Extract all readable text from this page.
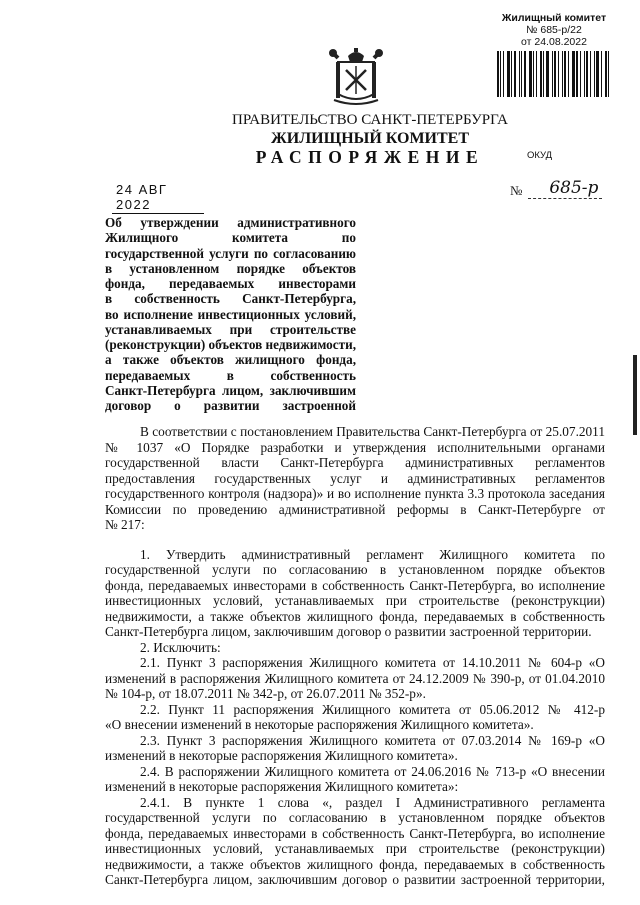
Жилищный комитет
№ 685-р/22
от 24.08.2022
ПРАВИТЕЛЬСТВО САНКТ-ПЕТЕРБУРГА
ЖИЛИЩНЫЙ КОМИТЕТ
РАСПОРЯЖЕНИЕ	ОКУД
24 АВГ 2022
№	685-р
Об утверждении административного
Жилищного комитета по
государственной услуги по согласованию
в установленном порядке объектов
фонда, передаваемых инвесторами
в собственность Санкт-Петербурга,
во исполнение инвестиционных условий,
устанавливаемых при строительстве
(реконструкции) объектов недвижимости,
а также объектов жилищного фонда,
передаваемых в собственность
Санкт-Петербурга лицом, заключившим
договор о развитии застроенной
В соответствии с постановлением Правительства Санкт-Петербурга от 25.07.2011
№ 1037 «О Порядке разработки и утверждения исполнительными органами
государственной власти Санкт-Петербурга административных регламентов
предоставления государственных услуг и административных регламентов
государственного контроля (надзора)» и во исполнение пункта 3.3 протокола заседания
Комиссии по проведению административной реформы в Санкт-Петербурге от
№ 217:
1. Утвердить административный регламент Жилищного комитета по
государственной услуги по согласованию в установленном порядке объектов
фонда, передаваемых инвесторами в собственность Санкт-Петербурга, во исполнение
инвестиционных условий, устанавливаемых при строительстве (реконструкции)
недвижимости, а также объектов жилищного фонда, передаваемых в собственность
Санкт-Петербурга лицом, заключившим договор о развитии застроенной территории.
2. Исключить:
2.1. Пункт 3 распоряжения Жилищного комитета от 14.10.2011 № 604-р «О
изменений в распоряжения Жилищного комитета от 24.12.2009 № 390-р, от 01.04.2010
№ 104-р, от 18.07.2011 № 342-р, от 26.07.2011 № 352-р».
2.2. Пункт 11 распоряжения Жилищного комитета от 05.06.2012 № 412-р
«О внесении изменений в некоторые распоряжения Жилищного комитета».
2.3. Пункт 3 распоряжения Жилищного комитета от 07.03.2014 № 169-р «О
изменений в некоторые распоряжения Жилищного комитета».
2.4. В распоряжении Жилищного комитета от 24.06.2016 № 713-р «О внесении
изменений в некоторые распоряжения Жилищного комитета»:
2.4.1. В пункте 1 слова «, раздел I Административного регламента
государственной услуги по согласованию в установленном порядке объектов
фонда, передаваемых инвесторами в собственность Санкт-Петербурга, во исполнение
инвестиционных условий, устанавливаемых при строительстве (реконструкции)
недвижимости, а также объектов жилищного фонда, передаваемых в собственность
Санкт-Петербурга лицом, заключившим договор о развитии застроенной территории,
